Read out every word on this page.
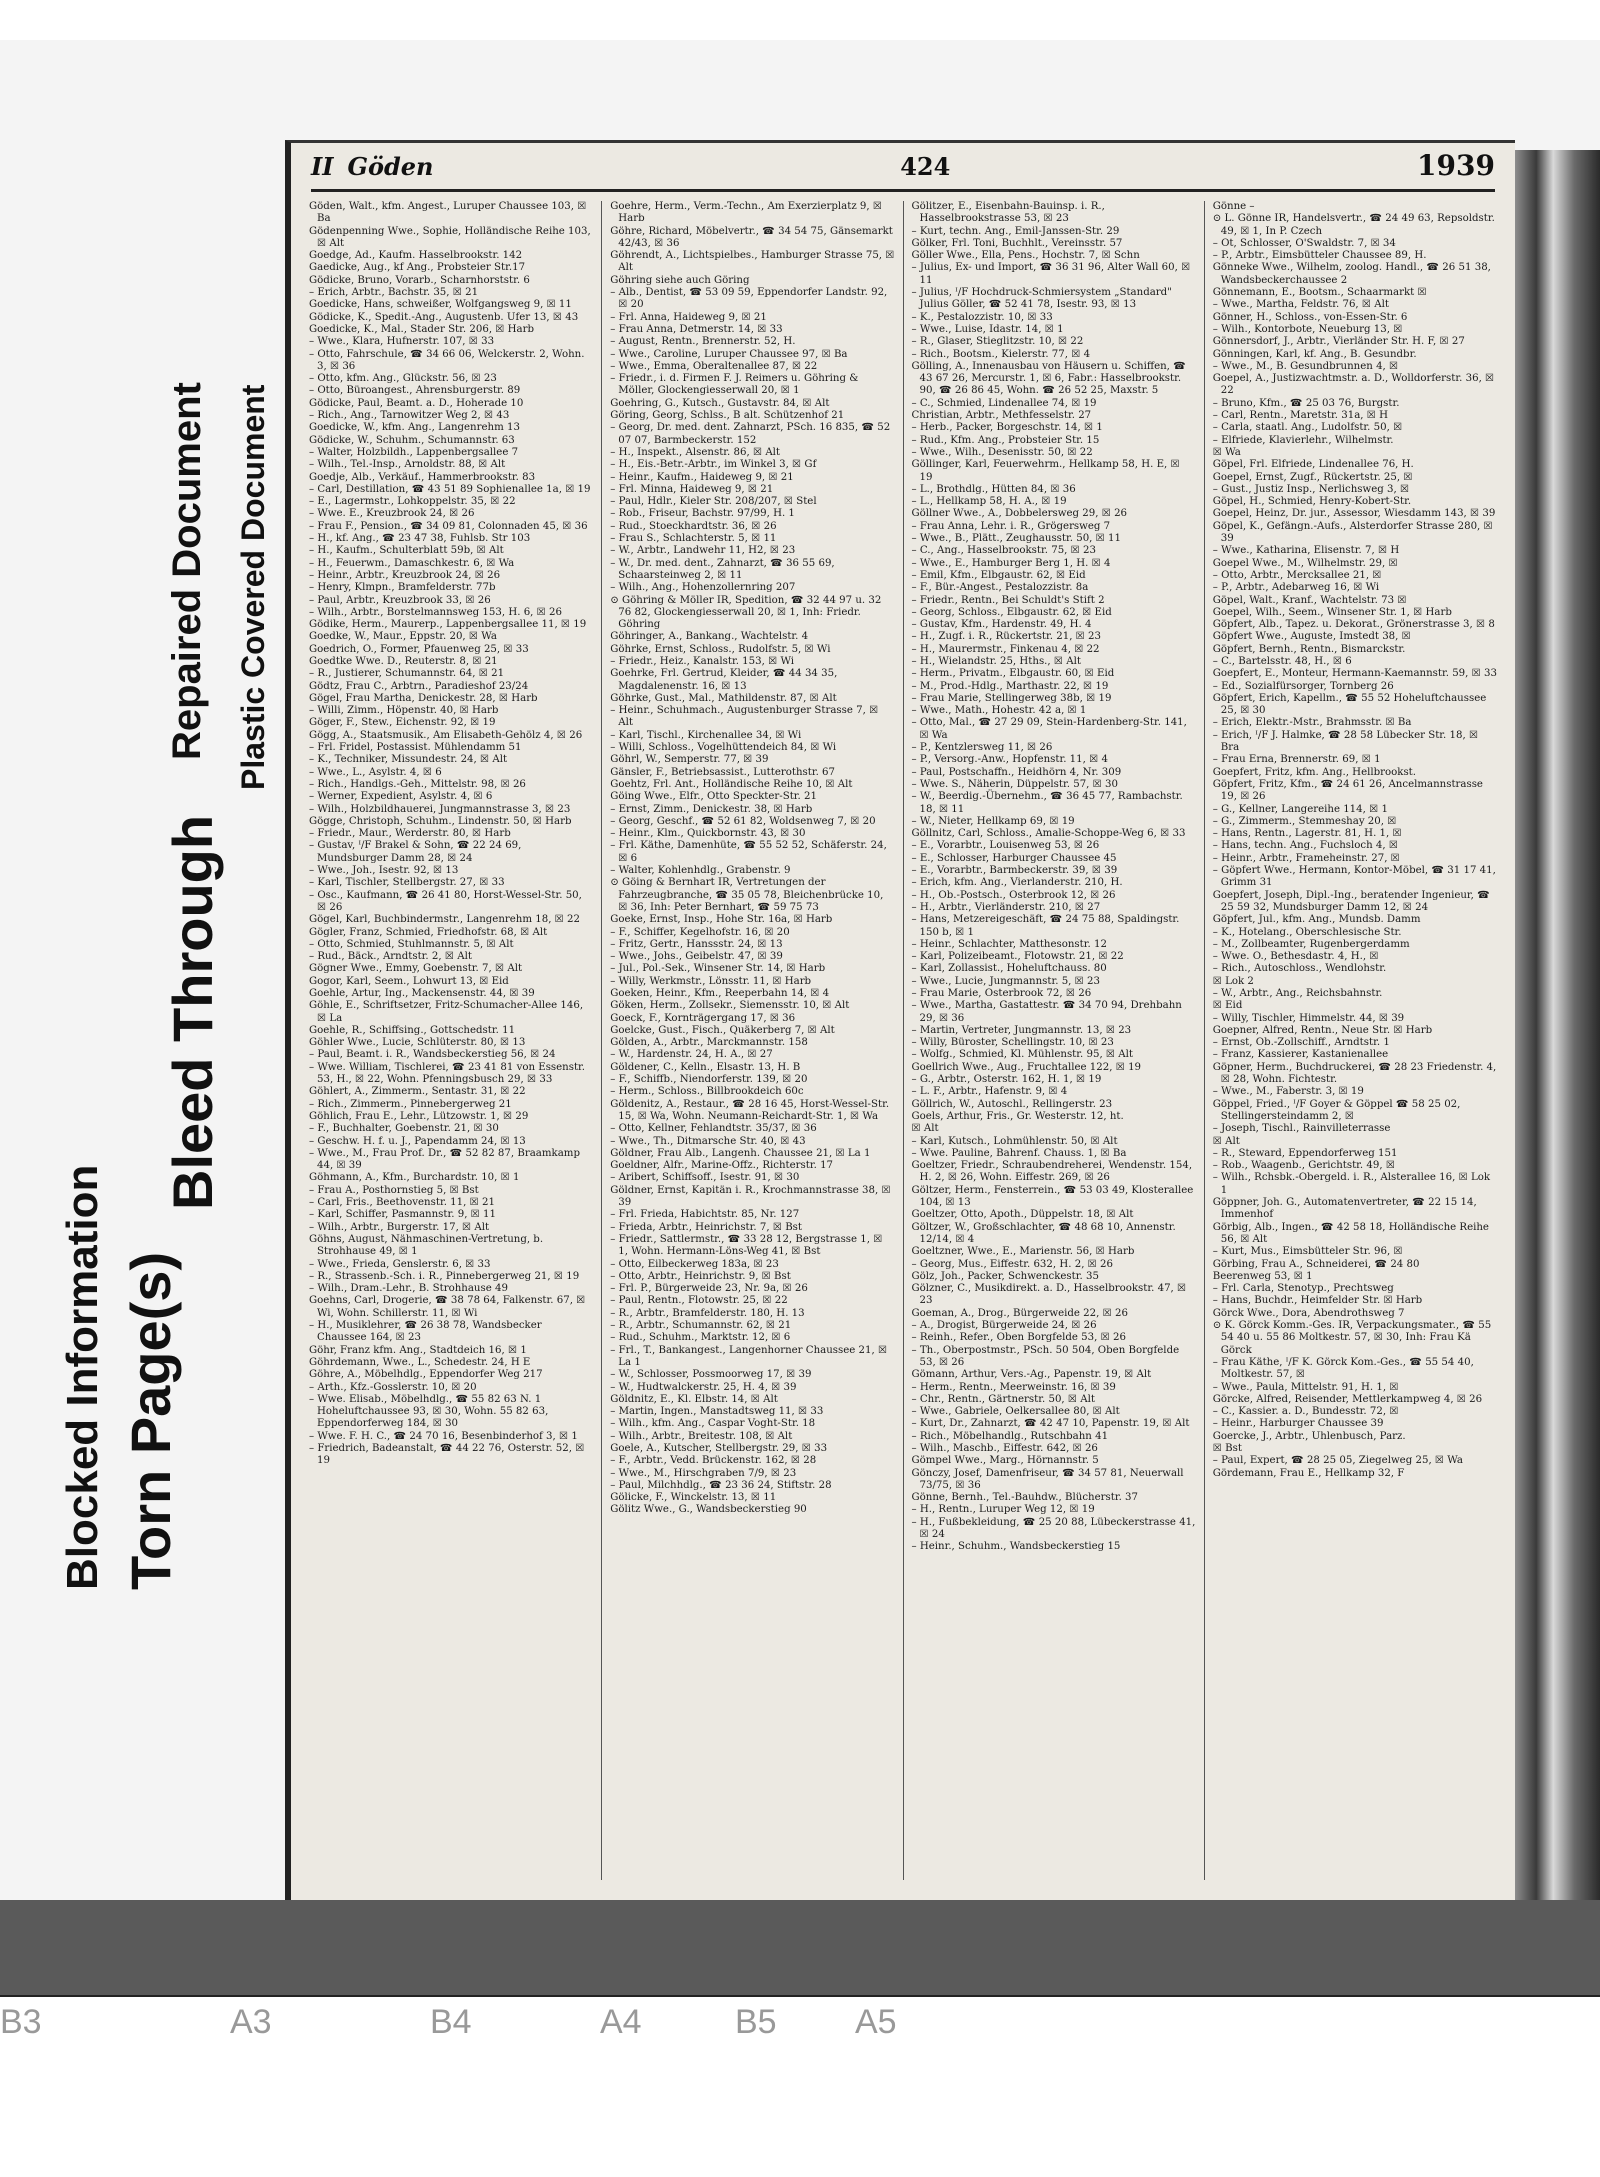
Blocked Information
Bleed Through
Torn Page(s)
Repaired Document Plastic Covered Document
II Göden	424	1939

Göden, Walt., kfm. Angest., Luruper Chaussee 103, ☒ Ba

Gödenpenning Wwe., Sophie, Holländische Reihe 103, ☒ Alt

Goedge, Ad., Kaufm. Hasselbrookstr. 142

Gaedicke, Aug., kf Ang., Probsteier Str.17

Gödicke, Bruno, Vorarb., Scharnhorststr. 6

– Erich, Arbtr., Bachstr. 35, ☒ 21

Goedicke, Hans, schweißer, Wolfgangsweg 9, ☒ 11

Gödicke, K., Spedit.-Ang., Augustenb. Ufer 13, ☒ 43

Goedicke, K., Mal., Stader Str. 206, ☒ Harb

– Wwe., Klara, Hufnerstr. 107, ☒ 33

– Otto, Fahrschule, ☎ 34 66 06, Welckerstr. 2, Wohn. 3, ☒ 36

– Otto, kfm. Ang., Glückstr. 56, ☒ 23

– Otto, Büroangest., Ahrensburgerstr. 89

Gödicke, Paul, Beamt. a. D., Hoherade 10

– Rich., Ang., Tarnowitzer Weg 2, ☒ 43

Goedicke, W., kfm. Ang., Langenrehm 13

Gödicke, W., Schuhm., Schumannstr. 63

– Walter, Holzbildh., Lappenbergsallee 7

– Wilh., Tel.-Insp., Arnoldstr. 88, ☒ Alt

Goedje, Alb., Verkäuf., Hammerbrookstr. 83

– Carl, Destillation, ☎ 43 51 89 Sophienallee 1a, ☒ 19

– E., Lagermstr., Lohkoppelstr. 35, ☒ 22

– Wwe. E., Kreuzbrook 24, ☒ 26

– Frau F., Pension., ☎ 34 09 81, Colonnaden 45, ☒ 36

– H., kf. Ang., ☎ 23 47 38, Fuhlsb. Str 103

– H., Kaufm., Schulterblatt 59b, ☒ Alt

– H., Feuerwm., Damaschkestr. 6, ☒ Wa

– Heinr., Arbtr., Kreuzbrook 24, ☒ 26

– Henry, Klmpn., Bramfelderstr. 77b

– Paul, Arbtr., Kreuzbrook 33, ☒ 26

– Wilh., Arbtr., Borstelmannsweg 153, H. 6, ☒ 26

Gödike, Herm., Maurerp., Lappenbergsallee 11, ☒ 19

Goedke, W., Maur., Eppstr. 20, ☒ Wa

Goedrich, O., Former, Pfauenweg 25, ☒ 33

Goedtke Wwe. D., Reuterstr. 8, ☒ 21

– R., Justierer, Schumannstr. 64, ☒ 21

Gödtz, Frau C., Arbtrn., Paradieshof 23/24

Gögel, Frau Martha, Denickestr. 28, ☒ Harb

– Willi, Zimm., Höpenstr. 40, ☒ Harb

Göger, F., Stew., Eichenstr. 92, ☒ 19

Gögg, A., Staatsmusik., Am Elisabeth-Gehölz 4, ☒ 26

– Frl. Fridel, Postassist. Mühlendamm 51

– K., Techniker, Missundestr. 24, ☒ Alt

– Wwe., L., Asylstr. 4, ☒ 6

– Rich., Handlgs.-Geh., Mittelstr. 98, ☒ 26

– Werner, Expedient, Asylstr. 4, ☒ 6

– Wilh., Holzbildhauerei, Jungmannstrasse 3, ☒ 23

Gögge, Christoph, Schuhm., Lindenstr. 50, ☒ Harb

– Friedr., Maur., Werderstr. 80, ☒ Harb

– Gustav, ᴵ/F Brakel & Sohn, ☎ 22 24 69, Mundsburger Damm 28, ☒ 24

– Wwe., Joh., Isestr. 92, ☒ 13

– Karl, Tischler, Stellbergstr. 27, ☒ 33

– Osc., Kaufmann, ☎ 26 41 80, Horst-Wessel-Str. 50, ☒ 26

Gögel, Karl, Buchbindermstr., Langenrehm 18, ☒ 22

Gögler, Franz, Schmied, Friedhofstr. 68, ☒ Alt

– Otto, Schmied, Stuhlmannstr. 5, ☒ Alt

– Rud., Bäck., Arndtstr. 2, ☒ Alt

Gögner Wwe., Emmy, Goebenstr. 7, ☒ Alt

Gogor, Karl, Seem., Lohwurt 13, ☒ Eid

Goehle, Artur, Ing., Mackensenstr. 44, ☒ 39

Göhle, E., Schriftsetzer, Fritz-Schumacher-Allee 146, ☒ La

Goehle, R., Schiffsing., Gottschedstr. 11

Göhler Wwe., Lucie, Schlüterstr. 80, ☒ 13

– Paul, Beamt. i. R., Wandsbeckerstieg 56, ☒ 24

– Wwe. William, Tischlerei, ☎ 23 41 81 von Essenstr. 53, H., ☒ 22, Wohn. Pfenningsbusch 29, ☒ 33

Göhlert, A., Zimmerm., Sentastr. 31, ☒ 22

– Rich., Zimmerm., Pinnebergerweg 21

Göhlich, Frau E., Lehr., Lützowstr. 1, ☒ 29

– F., Buchhalter, Goebenstr. 21, ☒ 30

– Geschw. H. f. u. J., Papendamm 24, ☒ 13

– Wwe., M., Frau Prof. Dr., ☎ 52 82 87, Braamkamp 44, ☒ 39

Göhmann, A., Kfm., Burchardstr. 10, ☒ 1

– Frau A., Posthornstieg 5, ☒ Bst

– Carl, Fris., Beethovenstr. 11, ☒ 21

– Karl, Schiffer, Pasmannstr. 9, ☒ 11

– Wilh., Arbtr., Burgerstr. 17, ☒ Alt

Göhns, August, Nähmaschinen-Vertretung, b. Strohhause 49, ☒ 1

– Wwe., Frieda, Genslerstr. 6, ☒ 33

– R., Strassenb.-Sch. i. R., Pinnebergerweg 21, ☒ 19

– Wilh., Dram.-Lehr., B. Strohhause 49

Goehns, Carl, Drogerie, ☎ 38 78 64, Falkenstr. 67, ☒ Wi, Wohn. Schillerstr. 11, ☒ Wi

– H., Musiklehrer, ☎ 26 38 78, Wandsbecker Chaussee 164, ☒ 23

Göhr, Franz kfm. Ang., Stadtdeich 16, ☒ 1

Göhrdemann, Wwe., L., Schedestr. 24, H E

Göhre, A., Möbelhdlg., Eppendorfer Weg 217

– Arth., Kfz.-Gosslerstr. 10, ☒ 20

– Wwe. Elisab., Möbelhdlg., ☎ 55 82 63 N. 1 Hoheluftchaussee 93, ☒ 30, Wohn. 55 82 63, Eppendorferweg 184, ☒ 30

– Wwe. F. H. C., ☎ 24 70 16, Besenbinderhof 3, ☒ 1

– Friedrich, Badeanstalt, ☎ 44 22 76, Osterstr. 52, ☒ 19

Goehre, Herm., Verm.-Techn., Am Exerzierplatz 9, ☒ Harb

Göhre, Richard, Möbelvertr., ☎ 34 54 75, Gänsemarkt 42/43, ☒ 36

Göhrendt, A., Lichtspielbes., Hamburger Strasse 75, ☒ Alt

Göhring siehe auch Göring

– Alb., Dentist, ☎ 53 09 59, Eppendorfer Landstr. 92, ☒ 20

– Frl. Anna, Haideweg 9, ☒ 21

– Frau Anna, Detmerstr. 14, ☒ 33

– August, Rentn., Brennerstr. 52, H.

– Wwe., Caroline, Luruper Chaussee 97, ☒ Ba

– Wwe., Emma, Oberaltenallee 87, ☒ 22

– Friedr., i. d. Firmen F. J. Reimers u. Göhring & Möller, Glockengiesserwall 20, ☒ 1

Goehring, G., Kutsch., Gustavstr. 84, ☒ Alt

Göring, Georg, Schlss., B alt. Schützenhof 21

– Georg, Dr. med. dent. Zahnarzt, PSch. 16 835, ☎ 52 07 07, Barmbeckerstr. 152

– H., Inspekt., Alsenstr. 86, ☒ Alt

– H., Eis.-Betr.-Arbtr., im Winkel 3, ☒ Gf

– Heinr., Kaufm., Haideweg 9, ☒ 21

– Frl. Minna, Haideweg 9, ☒ 21

– Paul, Hdlr., Kieler Str. 208/207, ☒ Stel

– Rob., Friseur, Bachstr. 97/99, H. 1

– Rud., Stoeckhardtstr. 36, ☒ 26

– Frau S., Schlachterstr. 5, ☒ 11

– W., Arbtr., Landwehr 11, H2, ☒ 23

– W., Dr. med. dent., Zahnarzt, ☎ 36 55 69, Schaarsteinweg 2, ☒ 11

– Wilh., Ang., Hohenzollernring 207

⊙ Göhring & Möller IR, Spedition, ☎ 32 44 97 u. 32 76 82, Glockengiesserwall 20, ☒ 1, Inh: Friedr. Göhring

Göhringer, A., Bankang., Wachtelstr. 4

Göhrke, Ernst, Schloss., Rudolfstr. 5, ☒ Wi

– Friedr., Heiz., Kanalstr. 153, ☒ Wi

Goehrke, Frl. Gertrud, Kleider, ☎ 44 34 35, Magdalenenstr. 16, ☒ 13

Göhrke, Gust., Mal., Mathildenstr. 87, ☒ Alt

– Heinr., Schuhmach., Augustenburger Strasse 7, ☒ Alt

– Karl, Tischl., Kirchenallee 34, ☒ Wi

– Willi, Schloss., Vogelhüttendeich 84, ☒ Wi

Göhrl, W., Semperstr. 77, ☒ 39

Gänsler, F., Betriebsassist., Lutterothstr. 67

Goehtz, Frl. Ant., Holländische Reihe 10, ☒ Alt

Göing Wwe., Elfr., Otto Speckter-Str. 21

– Ernst, Zimm., Denickestr. 38, ☒ Harb

– Georg, Geschf., ☎ 52 61 82, Woldsenweg 7, ☒ 20

– Heinr., Klm., Quickbornstr. 43, ☒ 30

– Frl. Käthe, Damenhüte, ☎ 55 52 52, Schäferstr. 24, ☒ 6

– Walter, Kohlenhdlg., Grabenstr. 9

⊙ Göing & Bernhart IR, Vertretungen der Fahrzeugbranche, ☎ 35 05 78, Bleichenbrücke 10, ☒ 36, Inh: Peter Bernhart, ☎ 59 75 73

Goeke, Ernst, Insp., Hohe Str. 16a, ☒ Harb

– F., Schiffer, Kegelhofstr. 16, ☒ 20

– Fritz, Gertr., Hanssstr. 24, ☒ 13

– Wwe., Johs., Geibelstr. 47, ☒ 39

– Jul., Pol.-Sek., Winsener Str. 14, ☒ Harb

– Willy, Werkmstr., Lönsstr. 11, ☒ Harb

Goeken, Heinr., Kfm., Reeperbahn 14, ☒ 4

Göken, Herm., Zollsekr., Siemensstr. 10, ☒ Alt

Goeck, F., Kornträgergang 17, ☒ 36

Goelcke, Gust., Fisch., Quäkerberg 7, ☒ Alt

Gölden, A., Arbtr., Marckmannstr. 158

– W., Hardenstr. 24, H. A., ☒ 27

Göldener, C., Kelln., Elsastr. 13, H. B

– F., Schiffb., Niendorferstr. 139, ☒ 20

– Herm., Schloss., Billbrookdeich 60c

Göldenitz, A., Restaur., ☎ 28 16 45, Horst-Wessel-Str. 15, ☒ Wa, Wohn. Neumann-Reichardt-Str. 1, ☒ Wa

– Otto, Kellner, Fehlandtstr. 35/37, ☒ 36

– Wwe., Th., Ditmarsche Str. 40, ☒ 43

Göldner, Frau Alb., Langenh. Chaussee 21, ☒ La 1

Goeldner, Alfr., Marine-Offz., Richterstr. 17

– Aribert, Schiffsoff., Isestr. 91, ☒ 30

Göldner, Ernst, Kapitän i. R., Krochmannstrasse 38, ☒ 39

– Frl. Frieda, Habichtstr. 85, Nr. 127

– Frieda, Arbtr., Heinrichstr. 7, ☒ Bst

– Friedr., Sattlermstr., ☎ 33 28 12, Bergstrasse 1, ☒ 1, Wohn. Hermann-Löns-Weg 41, ☒ Bst

– Otto, Eilbeckerweg 183a, ☒ 23

– Otto, Arbtr., Heinrichstr. 9, ☒ Bst

– Frl. P., Bürgerweide 23, Nr. 9a, ☒ 26

– Paul, Rentn., Flotowstr. 25, ☒ 22

– R., Arbtr., Bramfelderstr. 180, H. 13

– R., Arbtr., Schumannstr. 62, ☒ 21

– Rud., Schuhm., Marktstr. 12, ☒ 6

– Frl., T., Bankangest., Langenhorner Chaussee 21, ☒ La 1

– W., Schlosser, Possmoorweg 17, ☒ 39

– W., Hudtwalckerstr. 25, H. 4, ☒ 39

Göldnitz, E., Kl. Elbstr. 14, ☒ Alt

– Martin, Ingen., Manstadtsweg 11, ☒ 33

– Wilh., kfm. Ang., Caspar Voght-Str. 18

– Wilh., Arbtr., Breitestr. 108, ☒ Alt

Goele, A., Kutscher, Stellbergstr. 29, ☒ 33

– F., Arbtr., Vedd. Brückenstr. 162, ☒ 28

– Wwe., M., Hirschgraben 7/9, ☒ 23

– Paul, Milchhdlg., ☎ 23 36 24, Stiftstr. 28

Gölicke, F., Winckelstr. 13, ☒ 11

Gölitz Wwe., G., Wandsbeckerstieg 90

Gölitzer, E., Eisenbahn-Bauinsp. i. R., Hasselbrookstrasse 53, ☒ 23

– Kurt, techn. Ang., Emil-Janssen-Str. 29

Gölker, Frl. Toni, Buchhlt., Vereinsstr. 57

Göller Wwe., Ella, Pens., Hochstr. 7, ☒ Schn

– Julius, Ex- und Import, ☎ 36 31 96, Alter Wall 60, ☒ 11

– Julius, ᴵ/F Hochdruck-Schmiersystem „Standard" Julius Göller, ☎ 52 41 78, Isestr. 93, ☒ 13

– K., Pestalozzistr. 10, ☒ 33

– Wwe., Luise, Idastr. 14, ☒ 1

– R., Glaser, Stieglitzstr. 10, ☒ 22

– Rich., Bootsm., Kielerstr. 77, ☒ 4

Gölling, A., Innenausbau von Häusern u. Schiffen, ☎ 43 67 26, Mercurstr. 1, ☒ 6, Fabr.: Hasselbrookstr. 90, ☎ 26 86 45, Wohn. ☎ 26 52 25, Maxstr. 5

– C., Schmied, Lindenallee 74, ☒ 19

Christian, Arbtr., Methfesselstr. 27

– Herb., Packer, Borgeschstr. 14, ☒ 1

– Rud., Kfm. Ang., Probsteier Str. 15

– Wwe., Wilh., Desenisstr. 50, ☒ 22

Göllinger, Karl, Feuerwehrm., Hellkamp 58, H. E, ☒ 19

– L., Brothdlg., Hütten 84, ☒ 36

– L., Hellkamp 58, H. A., ☒ 19

Göllner Wwe., A., Dobbelersweg 29, ☒ 26

– Frau Anna, Lehr. i. R., Grögersweg 7

– Wwe., B., Plätt., Zeughausstr. 50, ☒ 11

– C., Ang., Hasselbrookstr. 75, ☒ 23

– Wwe., E., Hamburger Berg 1, H. ☒ 4

– Emil, Kfm., Elbgaustr. 62, ☒ Eid

– F., Bür.-Angest., Pestalozzistr. 8a

– Friedr., Rentn., Bei Schuldt's Stift 2

– Georg, Schloss., Elbgaustr. 62, ☒ Eid

– Gustav, Kfm., Hardenstr. 49, H. 4

– H., Zugf. i. R., Rückertstr. 21, ☒ 23

– H., Maurermstr., Finkenau 4, ☒ 22

– H., Wielandstr. 25, Hths., ☒ Alt

– Herm., Privatm., Elbgaustr. 60, ☒ Eid

– M., Prod.-Hdlg., Marthastr. 22, ☒ 19

– Frau Marie, Stellingerweg 38b, ☒ 19

– Wwe., Math., Hohestr. 42 a, ☒ 1

– Otto, Mal., ☎ 27 29 09, Stein-Hardenberg-Str. 141, ☒ Wa

– P., Kentzlersweg 11, ☒ 26

– P., Versorg.-Anw., Hopfenstr. 11, ☒ 4

– Paul, Postschaffn., Heidhörn 4, Nr. 309

– Wwe. S., Näherin, Düppelstr. 57, ☒ 30

– W., Beerdig.-Übernehm., ☎ 36 45 77, Rambachstr. 18, ☒ 11

– W., Nieter, Hellkamp 69, ☒ 19

Göllnitz, Carl, Schloss., Amalie-Schoppe-Weg 6, ☒ 33

– E., Vorarbtr., Louisenweg 53, ☒ 26

– E., Schlosser, Harburger Chaussee 45

– E., Vorarbtr., Barmbeckerstr. 39, ☒ 39

– Erich, kfm. Ang., Vierlanderstr. 210, H.

– H., Ob.-Postsch., Osterbrook 12, ☒ 26

– H., Arbtr., Vierländerstr. 210, ☒ 27

– Hans, Metzereigeschäft, ☎ 24 75 88, Spaldingstr. 150 b, ☒ 1

– Heinr., Schlachter, Matthesonstr. 12

– Karl, Polizeibeamt., Flotowstr. 21, ☒ 22

– Karl, Zollassist., Hoheluftchauss. 80

– Wwe., Lucie, Jungmannstr. 5, ☒ 23

– Frau Marie, Osterbrook 72, ☒ 26

– Wwe., Martha, Gastattestr. ☎ 34 70 94, Drehbahn 29, ☒ 36

– Martin, Vertreter, Jungmannstr. 13, ☒ 23

– Willy, Büroster, Schellingstr. 10, ☒ 23

– Wolfg., Schmied, Kl. Mühlenstr. 95, ☒ Alt

Goellrich Wwe., Aug., Fruchtallee 122, ☒ 19

– G., Arbtr., Osterstr. 162, H. 1, ☒ 19

– L. F., Arbtr., Hafenstr. 9, ☒ 4

Göllrich, W., Autoschl., Rellingerstr. 23

Goels, Arthur, Fris., Gr. Westerstr. 12, ht.

☒ Alt

– Karl, Kutsch., Lohmühlenstr. 50, ☒ Alt

– Wwe. Pauline, Bahrenf. Chauss. 1, ☒ Ba

Goeltzer, Friedr., Schraubendreherei, Wendenstr. 154, H. 2, ☒ 26, Wohn. Eiffestr. 269, ☒ 26

Göltzer, Herm., Fensterrein., ☎ 53 03 49, Klosterallee 104, ☒ 13

Goeltzer, Otto, Apoth., Düppelstr. 18, ☒ Alt

Göltzer, W., Großschlachter, ☎ 48 68 10, Annenstr. 12/14, ☒ 4

Goeltzner, Wwe., E., Marienstr. 56, ☒ Harb

– Georg, Mus., Eiffestr. 632, H. 2, ☒ 26

Gölz, Joh., Packer, Schwenckestr. 35

Gölzner, C., Musikdirekt. a. D., Hasselbrookstr. 47, ☒ 23

Goeman, A., Drog., Bürgerweide 22, ☒ 26

– A., Drogist, Bürgerweide 24, ☒ 26

– Reinh., Refer., Oben Borgfelde 53, ☒ 26

– Th., Oberpostmstr., PSch. 50 504, Oben Borgfelde 53, ☒ 26

Gömann, Arthur, Vers.-Ag., Papenstr. 19, ☒ Alt

– Herm., Rentn., Meerweinstr. 16, ☒ 39

– Chr., Rentn., Gärtnerstr. 50, ☒ Alt

– Wwe., Gabriele, Oelkersallee 80, ☒ Alt

– Kurt, Dr., Zahnarzt, ☎ 42 47 10, Papenstr. 19, ☒ Alt

– Rich., Möbelhandlg., Rutschbahn 41

– Wilh., Maschb., Eiffestr. 642, ☒ 26

Gömpel Wwe., Marg., Hörnannstr. 5

Gönczy, Josef, Damenfriseur, ☎ 34 57 81, Neuerwall 73/75, ☒ 36

Gönne, Bernh., Tel.-Bauhdw., Blücherstr. 37

– H., Rentn., Luruper Weg 12, ☒ 19

– H., Fußbekleidung, ☎ 25 20 88, Lübeckerstrasse 41, ☒ 24

– Heinr., Schuhm., Wandsbeckerstieg 15

Gönne –

⊙ L. Gönne IR, Handelsvertr., ☎ 24 49 63, Repsoldstr. 49, ☒ 1, In P. Czech

– Ot, Schlosser, O'Swaldstr. 7, ☒ 34

– P., Arbtr., Eimsbütteler Chaussee 89, H.

Gönneke Wwe., Wilhelm, zoolog. Handl., ☎ 26 51 38, Wandsbeckerchaussee 2

Gönnemann, E., Bootsm., Schaarmarkt ☒

– Wwe., Martha, Feldstr. 76, ☒ Alt

Gönner, H., Schloss., von-Essen-Str. 6

– Wilh., Kontorbote, Neueburg 13, ☒

Gönnersdorf, J., Arbtr., Vierländer Str. H. F, ☒ 27

Gönningen, Karl, kf. Ang., B. Gesundbr.

– Wwe., M., B. Gesundbrunnen 4, ☒

Goepel, A., Justizwachtmstr. a. D., Wolldorferstr. 36, ☒ 22

– Bruno, Kfm., ☎ 25 03 76, Burgstr.

– Carl, Rentn., Maretstr. 31a, ☒ H

– Carla, staatl. Ang., Ludolfstr. 50, ☒

– Elfriede, Klavierlehr., Wilhelmstr.

☒ Wa

Göpel, Frl. Elfriede, Lindenallee 76, H.

Goepel, Ernst, Zugf., Rückertstr. 25, ☒

– Gust., Justiz Insp., Nerlichsweg 3, ☒

Göpel, H., Schmied, Henry-Kobert-Str.

Goepel, Heinz, Dr. jur., Assessor, Wiesdamm 143, ☒ 39

Göpel, K., Gefängn.-Aufs., Alsterdorfer Strasse 280, ☒ 39

– Wwe., Katharina, Elisenstr. 7, ☒ H

Goepel Wwe., M., Wilhelmstr. 29, ☒

– Otto, Arbtr., Mercksallee 21, ☒

– P., Arbtr., Adebarweg 16, ☒ Wi

Göpel, Walt., Kranf., Wachtelstr. 73 ☒

Goepel, Wilh., Seem., Winsener Str. 1, ☒ Harb

Göpfert, Alb., Tapez. u. Dekorat., Grönerstrasse 3, ☒ 8

Göpfert Wwe., Auguste, Imstedt 38, ☒

Göpfert, Bernh., Rentn., Bismarckstr.

– C., Bartelsstr. 48, H., ☒ 6

Goepfert, E., Monteur, Hermann-Kaemannstr. 59, ☒ 33

– Ed., Sozialfürsorger, Tornberg 26

Göpfert, Erich, Kapellm., ☎ 55 52 Hoheluftchaussee 25, ☒ 30

– Erich, Elektr.-Mstr., Brahmsstr. ☒ Ba

– Erich, ᴵ/F J. Halmke, ☎ 28 58 Lübecker Str. 18, ☒ Bra

– Frau Erna, Brennerstr. 69, ☒ 1

Goepfert, Fritz, kfm. Ang., Hellbrookst.

Göpfert, Fritz, Kfm., ☎ 24 61 26, Ancelmannstrasse 19, ☒ 26

– G., Kellner, Langereihe 114, ☒ 1

– G., Zimmerm., Stemmeshay 20, ☒

– Hans, Rentn., Lagerstr. 81, H. 1, ☒

– Hans, techn. Ang., Fuchsloch 4, ☒

– Heinr., Arbtr., Frameheinstr. 27, ☒

– Göpfert Wwe., Hermann, Kontor-Möbel, ☎ 31 17 41, Grimm 31

Goepfert, Joseph, Dipl.-Ing., beratender Ingenieur, ☎ 25 59 32, Mundsburger Damm 12, ☒ 24

Göpfert, Jul., kfm. Ang., Mundsb. Damm

– K., Hotelang., Oberschlesische Str.

– M., Zollbeamter, Rugenbergerdamm

– Wwe. O., Bethesdastr. 4, H., ☒

– Rich., Autoschloss., Wendlohstr.

☒ Lok 2

– W., Arbtr., Ang., Reichsbahnstr.

☒ Eid

– Willy, Tischler, Himmelstr. 44, ☒ 39

Goepner, Alfred, Rentn., Neue Str. ☒ Harb

– Ernst, Ob.-Zollschiff., Arndtstr. 1

– Franz, Kassierer, Kastanienallee

Göpner, Herm., Buchdruckerei, ☎ 28 23 Friedenstr. 4, ☒ 28, Wohn. Fichtestr.

– Wwe., M., Faberstr. 3, ☒ 19

Göppel, Fried., ᴵ/F Goyer & Göppel ☎ 58 25 02, Stellingersteindamm 2, ☒

– Joseph, Tischl., Rainvilleterrasse

☒ Alt

– R., Steward, Eppendorferweg 151

– Rob., Waagenb., Gerichtstr. 49, ☒

– Wilh., Rchsbk.-Obergeld. i. R., Alsterallee 16, ☒ Lok 1

Göppner, Joh. G., Automatenvertreter, ☎ 22 15 14, Immenhof

Görbig, Alb., Ingen., ☎ 42 58 18, Holländische Reihe 56, ☒ Alt

– Kurt, Mus., Eimsbütteler Str. 96, ☒

Görbing, Frau A., Schneiderei, ☎ 24 80

Beerenweg 53, ☒ 1

– Frl. Carla, Stenotyp., Prechtsweg

– Hans, Buchdr., Heimfelder Str. ☒ Harb

Görck Wwe., Dora, Abendrothsweg 7

⊙ K. Görck Komm.-Ges. IR, Verpackungsmater., ☎ 55 54 40 u. 55 86 Moltkestr. 57, ☒ 30, Inh: Frau Kä Görck

– Frau Käthe, ᴵ/F K. Görck Kom.-Ges., ☎ 55 54 40, Moltkestr. 57, ☒

– Wwe., Paula, Mittelstr. 91, H. 1, ☒

Görcke, Alfred, Reisender, Mettlerkampweg 4, ☒ 26

– C., Kassier. a. D., Bundesstr. 72, ☒

– Heinr., Harburger Chaussee 39

Goercke, J., Arbtr., Uhlenbusch, Parz.

☒ Bst

– Paul, Expert, ☎ 28 25 05, Ziegelweg 25, ☒ Wa

Gördemann, Frau E., Hellkamp 32, F

B3	A3	B4	A4	B5 A5
